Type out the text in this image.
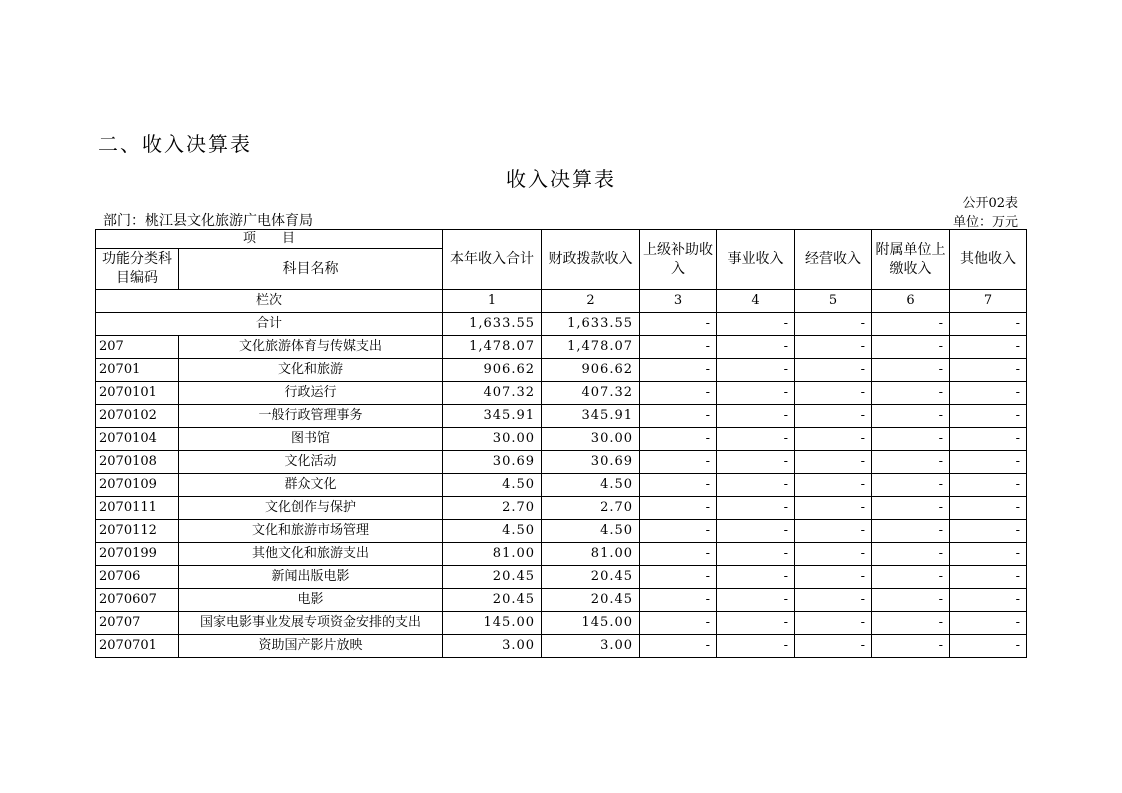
二、收入决算表
收入决算表
公开02表
部门：桃江县文化旅游广电体育局	单位：万元
项　　目		本年收入合计	财政拨款收入	上级补助收入	事业收入	经营收入	附属单位上缴收入	其他收入
功能分类科目编码	科目名称							
栏次		1	2	3	4	5	6	7
合计		1,633.55	1,633.55	-	-	-	-	-
207	文化旅游体育与传媒支出	1,478.07	1,478.07	-	-	-	-	-
20701	文化和旅游	906.62	906.62	-	-	-	-	-
2070101	行政运行	407.32	407.32	-	-	-	-	-
2070102	一般行政管理事务	345.91	345.91	-	-	-	-	-
2070104	图书馆	30.00	30.00	-	-	-	-	-
2070108	文化活动	30.69	30.69	-	-	-	-	-
2070109	群众文化	4.50	4.50	-	-	-	-	-
2070111	文化创作与保护	2.70	2.70	-	-	-	-	-
2070112	文化和旅游市场管理	4.50	4.50	-	-	-	-	-
2070199	其他文化和旅游支出	81.00	81.00	-	-	-	-	-
20706	新闻出版电影	20.45	20.45	-	-	-	-	-
2070607	电影	20.45	20.45	-	-	-	-	-
20707	国家电影事业发展专项资金安排的支出	145.00	145.00	-	-	-	-	-
2070701	资助国产影片放映	3.00	3.00	-	-	-	-	-
